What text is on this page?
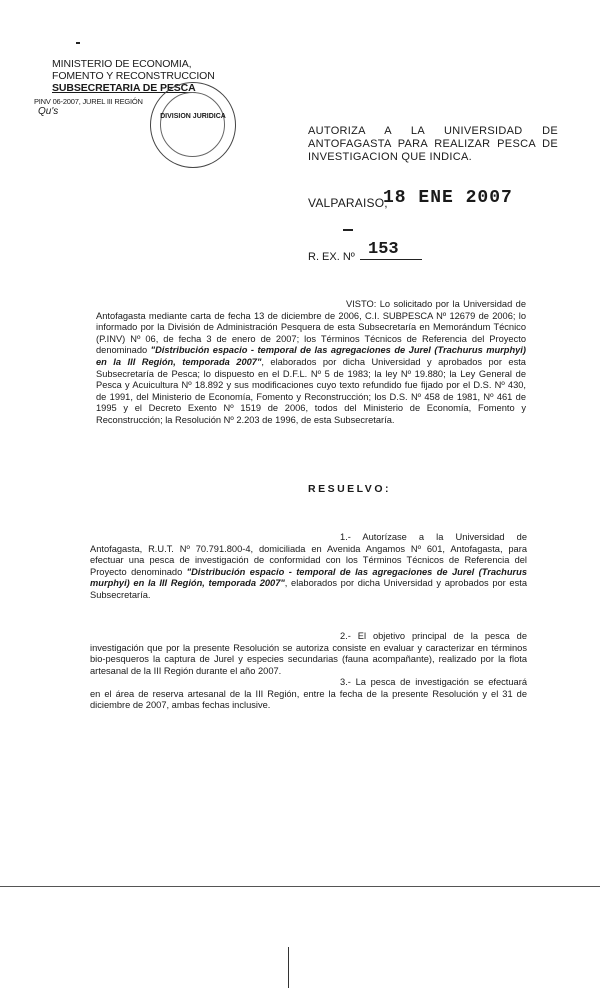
MINISTERIO DE ECONOMIA,
FOMENTO Y RECONSTRUCCION
SUBSECRETARIA DE PESCA
PINV 06-2007, JUREL III REGIÓN
Qu's	DIVISION JURIDICA
AUTORIZA A LA UNIVERSIDAD DE ANTOFAGASTA PARA REALIZAR PESCA DE INVESTIGACION QUE INDICA.
VALPARAISO,
18 ENE 2007
R. EX. Nº 153
VISTO: Lo solicitado por la Universidad de Antofagasta mediante carta de fecha 13 de diciembre de 2006, C.I. SUBPESCA Nº 12679 de 2006; lo informado por la División de Administración Pesquera de esta Subsecretaría en Memorándum Técnico (P.INV) Nº 06, de fecha 3 de enero de 2007; los Términos Técnicos de Referencia del Proyecto denominado "Distribución espacio - temporal de las agregaciones de Jurel (Trachurus murphyi) en la III Región, temporada 2007", elaborados por dicha Universidad y aprobados por esta Subsecretaría de Pesca; lo dispuesto en el D.F.L. Nº 5 de 1983; la ley Nº 19.880; la Ley General de Pesca y Acuicultura Nº 18.892 y sus modificaciones cuyo texto refundido fue fijado por el D.S. Nº 430, de 1991, del Ministerio de Economía, Fomento y Reconstrucción; los D.S. Nº 458 de 1981, Nº 461 de 1995 y el Decreto Exento Nº 1519 de 2006, todos del Ministerio de Economía, Fomento y Reconstrucción; la Resolución Nº 2.203 de 1996, de esta Subsecretaría.
RESUELVO:
1.- Autorízase a la Universidad de Antofagasta, R.U.T. Nº 70.791.800-4, domiciliada en Avenida Angamos Nº 601, Antofagasta, para efectuar una pesca de investigación de conformidad con los Términos Técnicos de Referencia del Proyecto denominado "Distribución espacio - temporal de las agregaciones de Jurel (Trachurus murphyi) en la III Región, temporada 2007", elaborados por dicha Universidad y aprobados por esta Subsecretaría.
2.- El objetivo principal de la pesca de investigación que por la presente Resolución se autoriza consiste en evaluar y caracterizar en términos bio-pesqueros la captura de Jurel y especies secundarias (fauna acompañante), realizado por la flota artesanal de la III Región durante el año 2007.
3.- La pesca de investigación se efectuará en el área de reserva artesanal de la III Región, entre la fecha de la presente Resolución y el 31 de diciembre de 2007, ambas fechas inclusive.
